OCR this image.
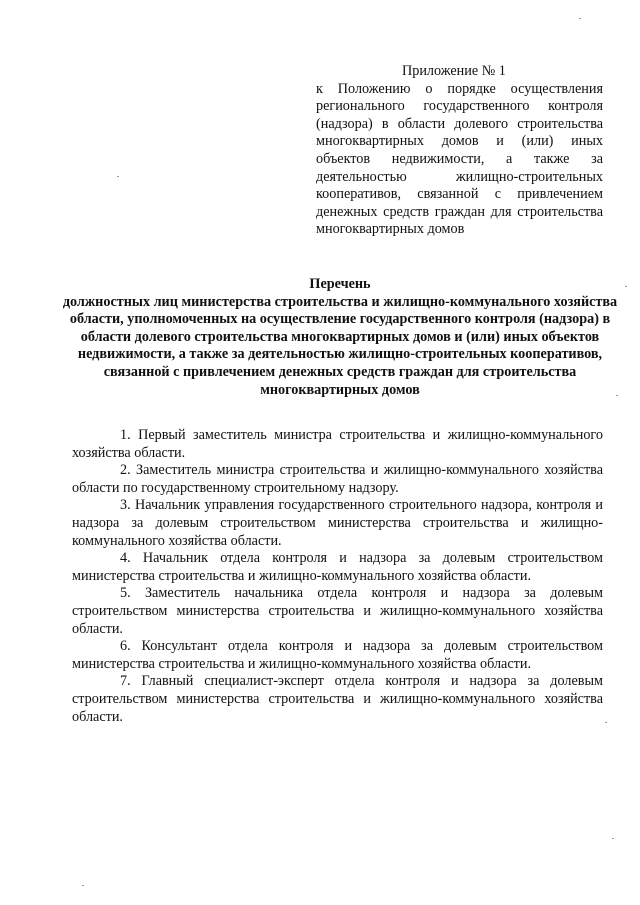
Приложение № 1

к Положению о порядке осуществления регионального государственного контроля (надзора) в области долевого строительства многоквартирных домов и (или) иных объектов недвижимости, а также за деятельностью жилищно-строительных кооперативов, связанной с привлечением денежных средств граждан для строительства многоквартирных домов

Перечень

должностных лиц министерства строительства и жилищно-коммунального хозяйства области, уполномоченных на осуществление государственного контроля (надзора) в области долевого строительства многоквартирных домов и (или) иных объектов недвижимости, а также за деятельностью жилищно-строительных кооперативов, связанной с привлечением денежных средств граждан для строительства многоквартирных домов

1. Первый заместитель министра строительства и жилищно-коммунального хозяйства области.

2. Заместитель министра строительства и жилищно-коммунального хозяйства области по государственному строительному надзору.

3. Начальник управления государственного строительного надзора, контроля и надзора за долевым строительством министерства строительства и жилищно-коммунального хозяйства области.

4. Начальник отдела контроля и надзора за долевым строительством министерства строительства и жилищно-коммунального хозяйства области.

5. Заместитель начальника отдела контроля и надзора за долевым строительством министерства строительства и жилищно-коммунального хозяйства области.

6. Консультант отдела контроля и надзора за долевым строительством министерства строительства и жилищно-коммунального хозяйства области.

7. Главный специалист-эксперт отдела контроля и надзора за долевым строительством министерства строительства и жилищно-коммунального хозяйства области.
